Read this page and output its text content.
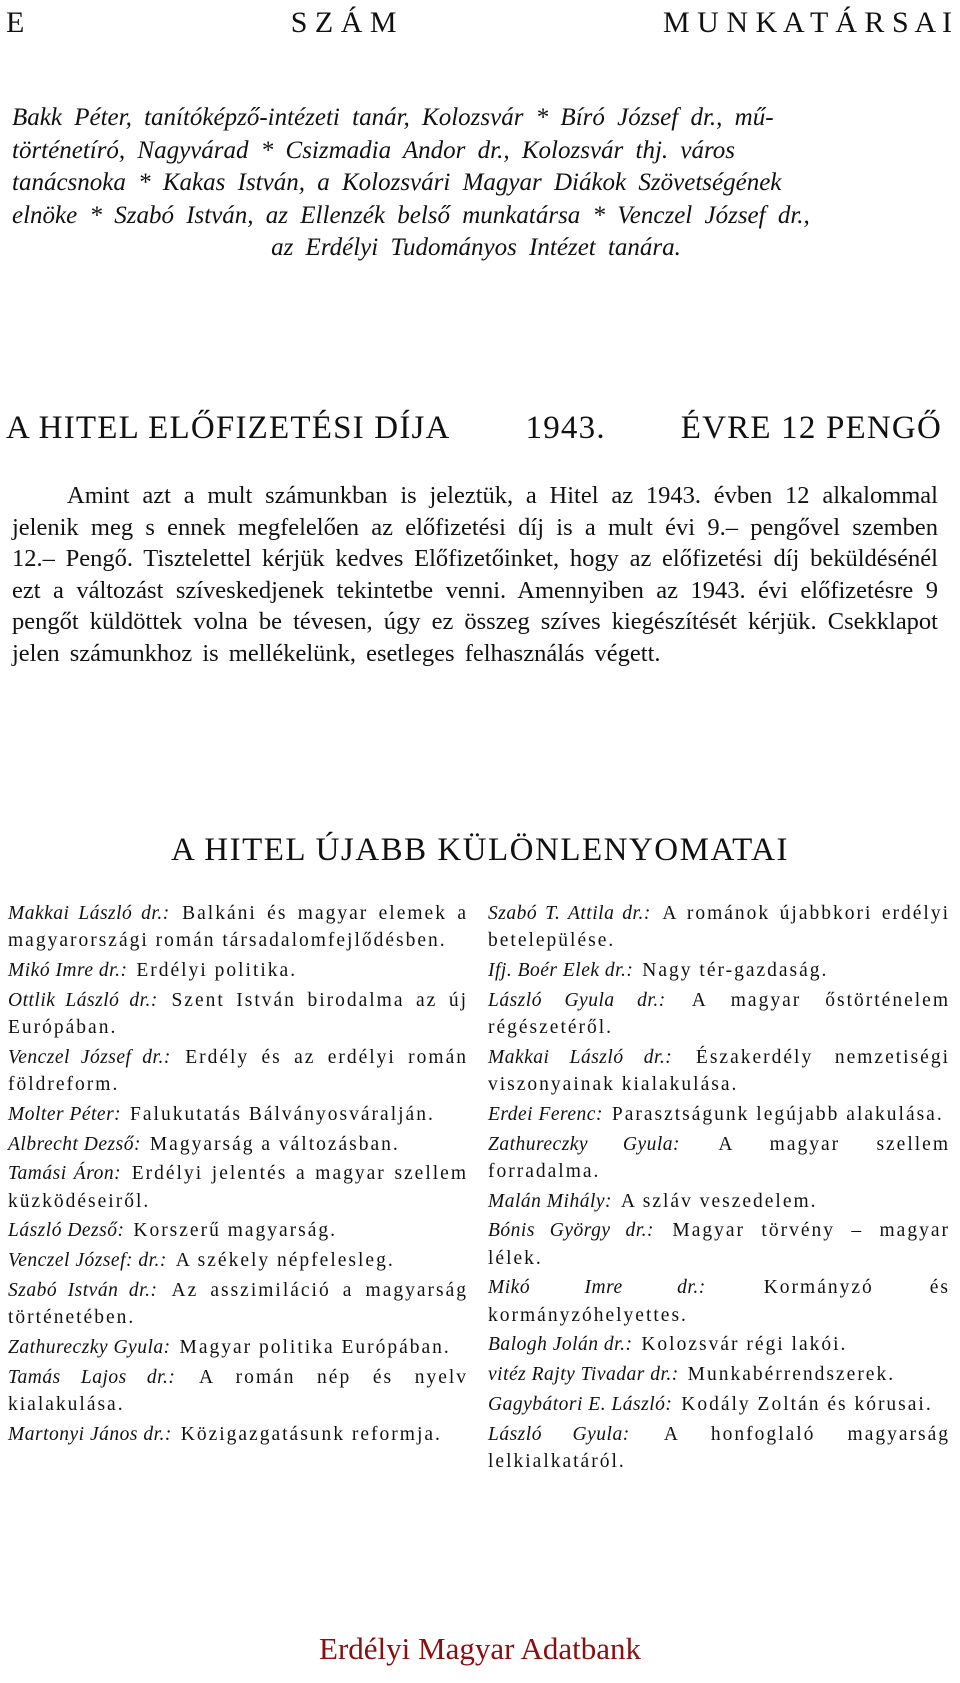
E	S Z Á M	M U N K A T Á R S A I
Bakk Péter, tanítóképző-intézeti tanár, Kolozsvár * Bíró József dr., mű-
történetíró, Nagyvárad * Csizmadia Andor dr., Kolozsvár thj. város
tanácsnoka * Kakas István, a Kolozsvári Magyar Diákok Szövetségének
elnöke * Szabó István, az Ellenzék belső munkatársa * Venczel József dr.,
az Erdélyi Tudományos Intézet tanára.
A HITEL ELŐFIZETÉSI DÍJA 1943. ÉVRE 12 PENGŐ
Amint azt a mult számunkban is jeleztük, a Hitel az 1943. évben 12 alkalommal jelenik meg s ennek megfelelően az előfizetési díj is a mult évi 9.– pengővel szemben 12.– Pengő. Tisztelettel kérjük kedves Előfizetőinket, hogy az előfizetési díj beküldésénél ezt a változást szíveskedjenek tekintetbe venni. Amennyiben az 1943. évi előfizetésre 9 pengőt küldöttek volna be tévesen, úgy ez összeg szíves kiegészítését kérjük. Csekklapot jelen számunkhoz is mellékelünk, esetleges felhasználás végett.
A HITEL ÚJABB KÜLÖNLENYOMATAI
Makkai László dr.: Balkáni és magyar elemek a magyarországi román társadalomfejlődésben.
Mikó Imre dr.: Erdélyi politika.
Ottlik László dr.: Szent István birodalma az új Európában.
Venczel József dr.: Erdély és az erdélyi román földreform.
Molter Péter: Falukutatás Bálványosváralján.
Albrecht Dezső: Magyarság a változásban.
Tamási Áron: Erdélyi jelentés a magyar szellem küzködéseiről.
László Dezső: Korszerű magyarság.
Venczel József: dr.: A székely népfelesleg.
Szabó István dr.: Az asszimiláció a magyarság történetében.
Zathureczky Gyula: Magyar politika Európában.
Tamás Lajos dr.: A román nép és nyelv kialakulása.
Martonyi János dr.: Közigazgatásunk reformja.
Szabó T. Attila dr.: A románok újabbkori erdélyi betelepülése.
Ifj. Boér Elek dr.: Nagy tér-gazdaság.
László Gyula dr.: A magyar őstörténelem régészetéről.
Makkai László dr.: Északerdély nemzetiségi viszonyainak kialakulása.
Erdei Ferenc: Parasztságunk legújabb alakulása.
Zathureczky Gyula: A magyar szellem forradalma.
Malán Mihály: A szláv veszedelem.
Bónis György dr.: Magyar törvény – magyar lélek.
Mikó Imre dr.:	Kormányzó és kormányzóhelyettes.
Balogh Jolán dr.: Kolozsvár régi lakói.
vitéz Rajty Tivadar dr.: Munkabérrendszerek.
Gagybátori E. László: Kodály Zoltán és kórusai.
László Gyula: A honfoglaló magyarság lelkialkatáról.
Erdélyi Magyar Adatbank
